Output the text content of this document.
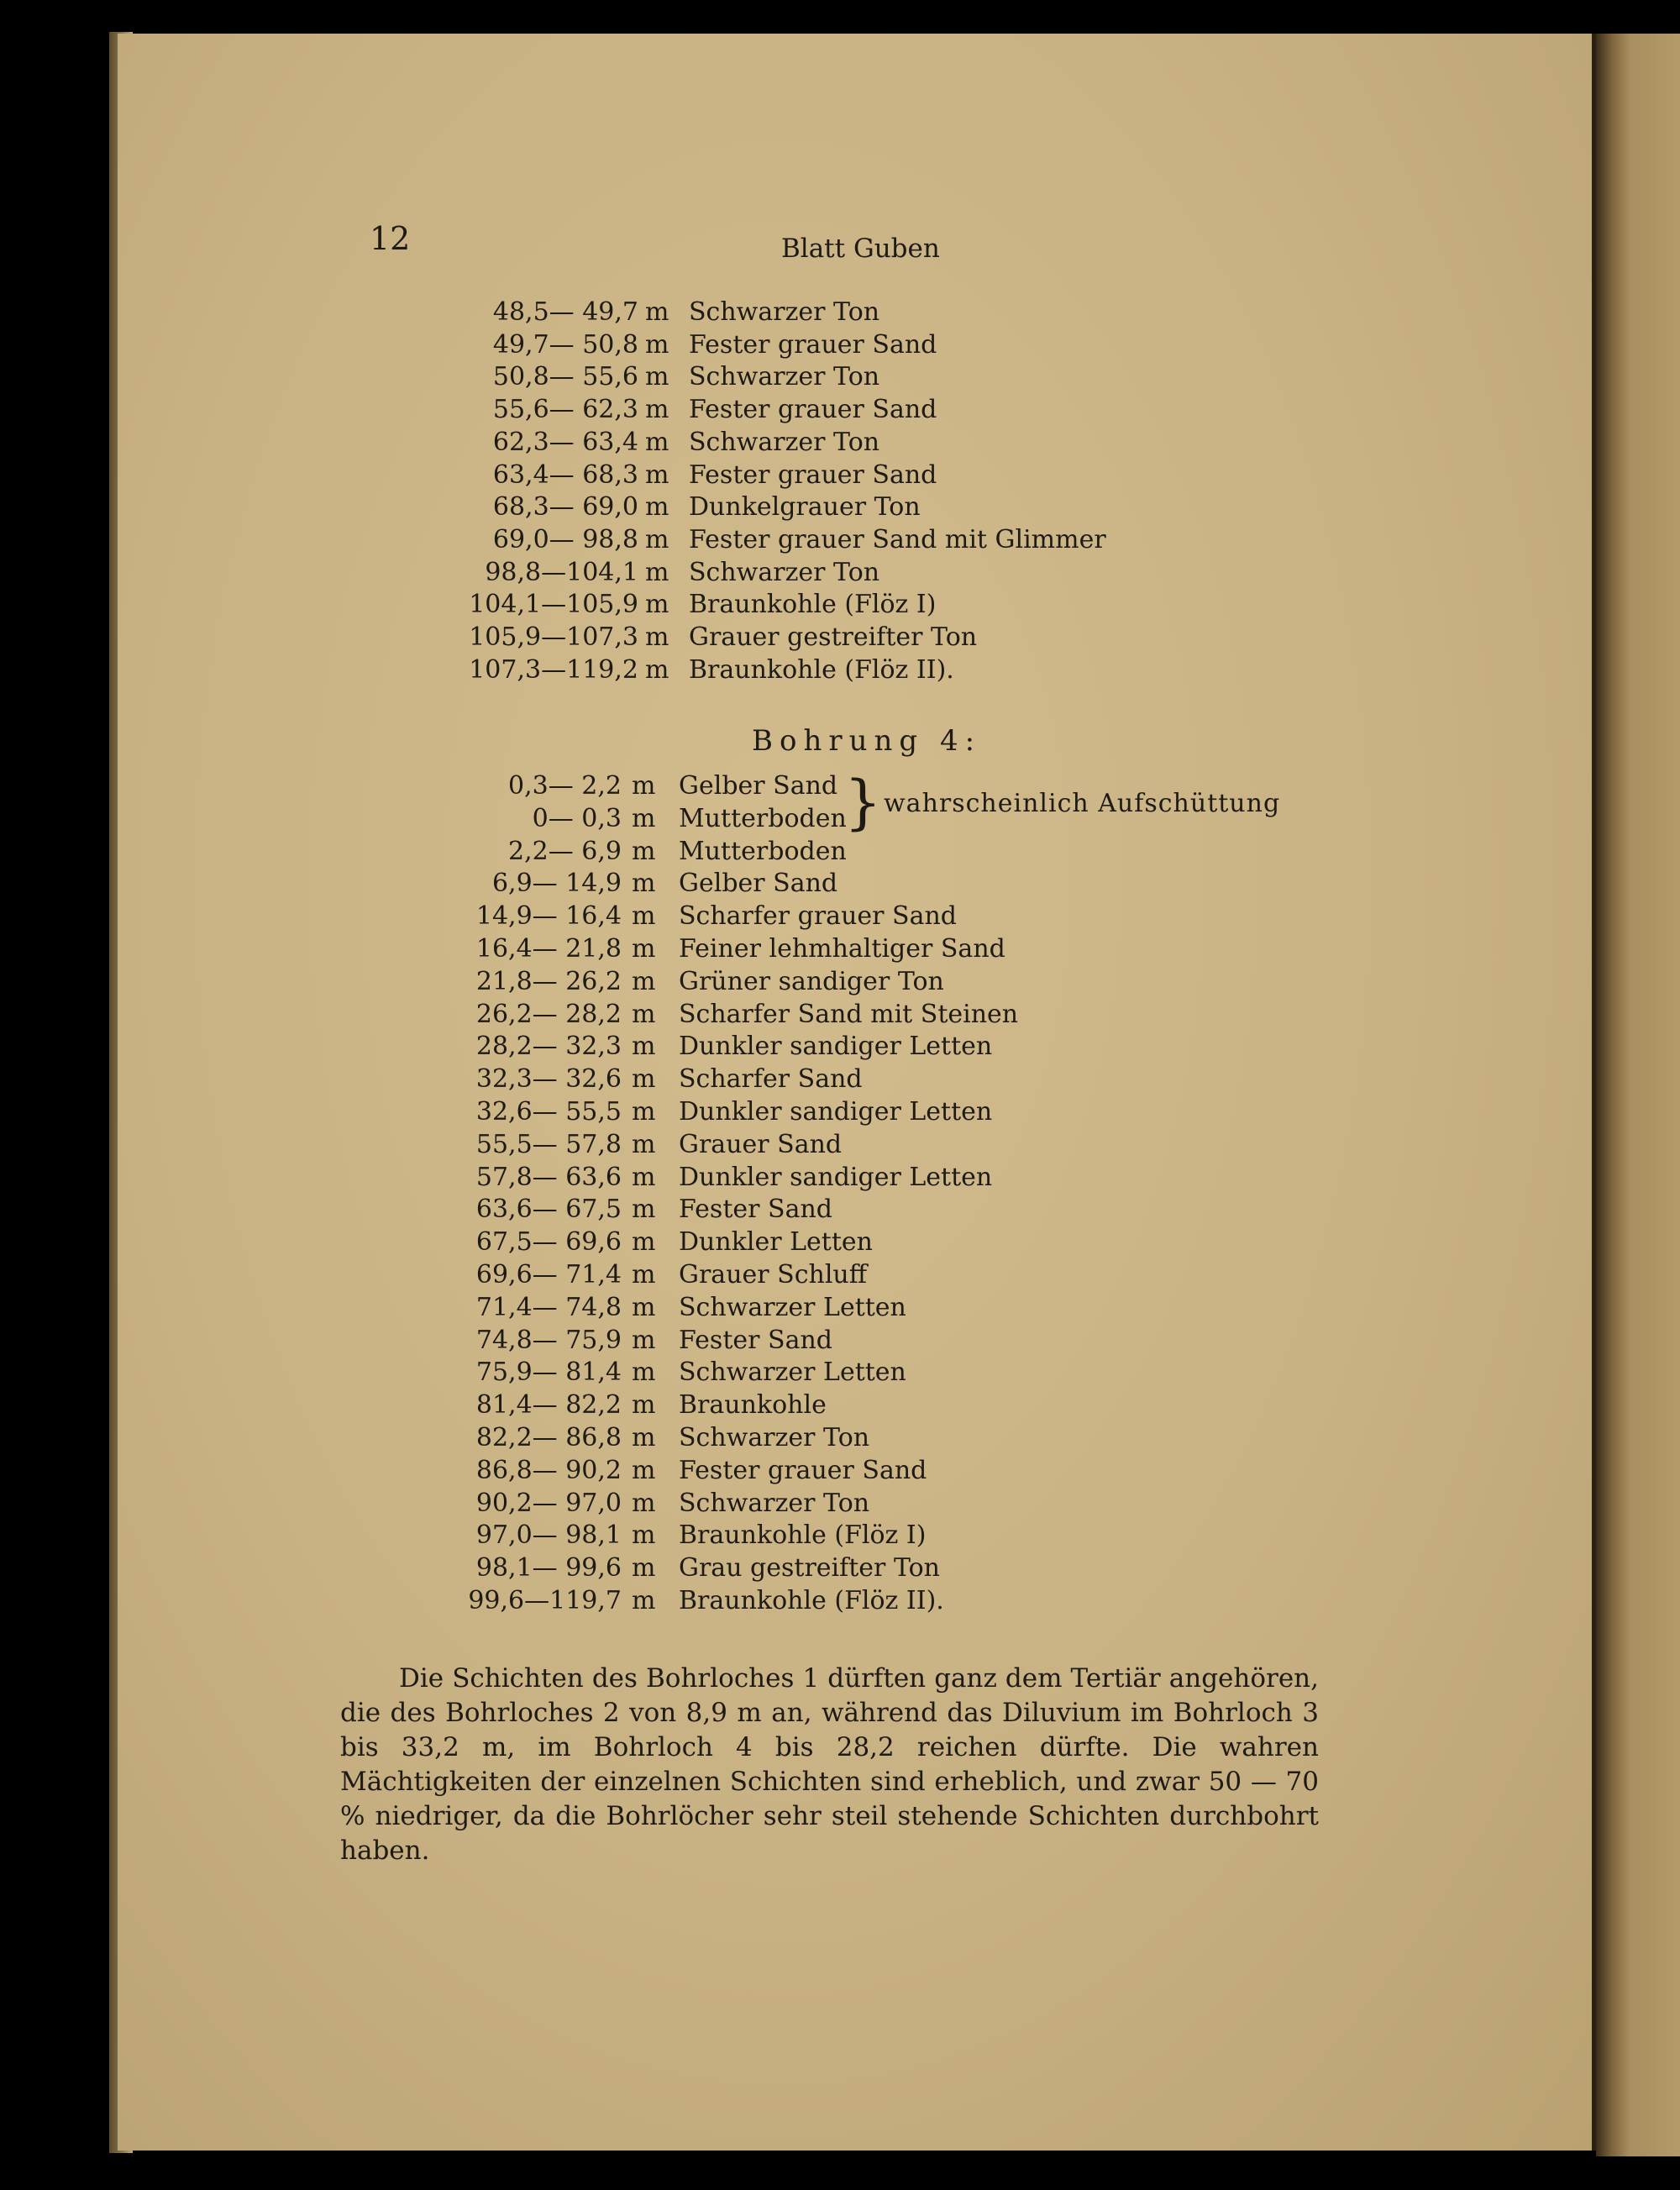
12	Blatt Guben
48,5— 49,7 m Schwarzer Ton
49,7— 50,8 m Fester grauer Sand
50,8— 55,6 m Schwarzer Ton
55,6— 62,3 m Fester grauer Sand
62,3— 63,4 m Schwarzer Ton
63,4— 68,3 m Fester grauer Sand
68,3— 69,0 m Dunkelgrauer Ton
69,0— 98,8 m Fester grauer Sand mit Glimmer
98,8—104,1 m Schwarzer Ton
104,1—105,9 m Braunkohle (Flöz I)
105,9—107,3 m Grauer gestreifter Ton
107,3—119,2 m Braunkohle (Flöz II).
Bohrung 4:
0,3— 2,2 m Gelber Sand
0— 0,3 m Mutterboden
2,2— 6,9 m Mutterboden
6,9— 14,9 m Gelber Sand
14,9— 16,4 m Scharfer grauer Sand
16,4— 21,8 m Feiner lehmhaltiger Sand
21,8— 26,2 m Grüner sandiger Ton
26,2— 28,2 m Scharfer Sand mit Steinen
28,2— 32,3 m Dunkler sandiger Letten
32,3— 32,6 m Scharfer Sand
32,6— 55,5 m Dunkler sandiger Letten
55,5— 57,8 m Grauer Sand
57,8— 63,6 m Dunkler sandiger Letten
63,6— 67,5 m Fester Sand
67,5— 69,6 m Dunkler Letten
69,6— 71,4 m Grauer Schluff
71,4— 74,8 m Schwarzer Letten
74,8— 75,9 m Fester Sand
75,9— 81,4 m Schwarzer Letten
81,4— 82,2 m Braunkohle
82,2— 86,8 m Schwarzer Ton
86,8— 90,2 m Fester grauer Sand
90,2— 97,0 m Schwarzer Ton
97,0— 98,1 m Braunkohle (Flöz I)
98,1— 99,6 m Grau gestreifter Ton
99,6—119,7 m Braunkohle (Flöz II).
} wahrscheinlich Aufschüttung

Die Schichten des Bohrloches 1 dürften ganz dem Tertiär angehören, die des Bohrloches 2 von 8,9 m an, während das Diluvium im Bohrloch 3 bis 33,2 m, im Bohrloch 4 bis 28,2 reichen dürfte. Die wahren Mächtigkeiten der einzelnen Schichten sind erheblich, und zwar 50 — 70 % niedriger, da die Bohrlöcher sehr steil stehende Schichten durchbohrt haben.
